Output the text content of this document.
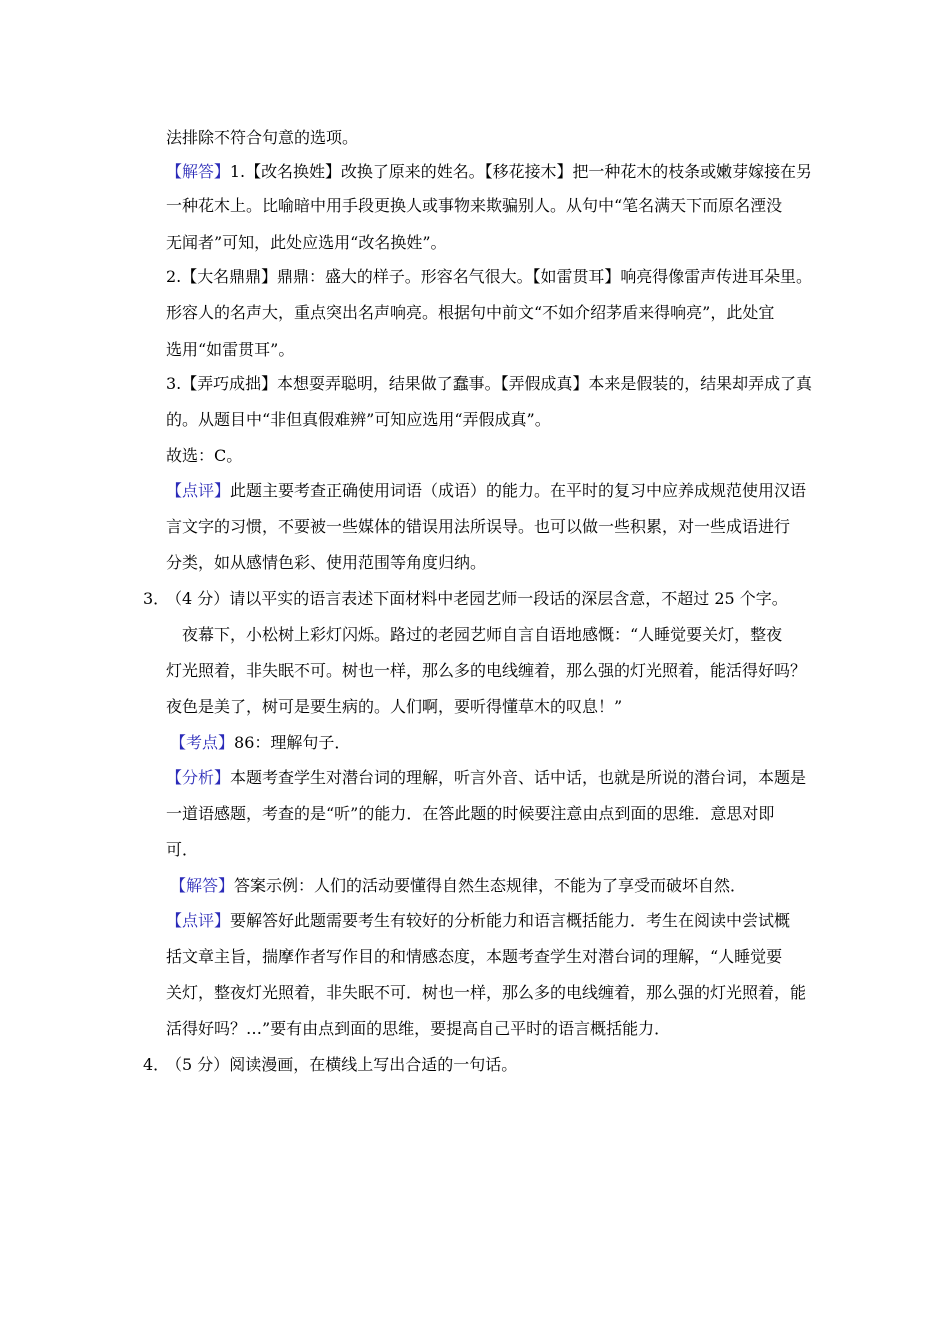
法排除不符合句意的选项。
【解答】1.【改名换姓】改换了原来的姓名。【移花接木】把一种花木的枝条或嫩芽嫁接在另
一种花木上。比喻暗中用手段更换人或事物来欺骗别人。从句中“笔名满天下而原名湮没
无闻者”可知，此处应选用“改名换姓”。
2.【大名鼎鼎】鼎鼎：盛大的样子。形容名气很大。【如雷贯耳】响亮得像雷声传进耳朵里。
形容人的名声大，重点突出名声响亮。根据句中前文“不如介绍茅盾来得响亮”，此处宜
选用“如雷贯耳”。
3.【弄巧成拙】本想耍弄聪明，结果做了蠢事。【弄假成真】本来是假装的，结果却弄成了真
的。从题目中“非但真假难辨”可知应选用“弄假成真”。
故选：C。
【点评】此题主要考查正确使用词语（成语）的能力。在平时的复习中应养成规范使用汉语
言文字的习惯，不要被一些媒体的错误用法所误导。也可以做一些积累，对一些成语进行
分类，如从感情色彩、使用范围等角度归纳。
3．
（4 分）请以平实的语言表述下面材料中老园艺师一段话的深层含意，不超过 25 个字。
夜幕下，小松树上彩灯闪烁。路过的老园艺师自言自语地感慨：“人睡觉要关灯，整夜
灯光照着，非失眠不可。树也一样，那么多的电线缠着，那么强的灯光照着，能活得好吗？
夜色是美了，树可是要生病的。人们啊，要听得懂草木的叹息！”
【考点】86：理解句子．
【分析】本题考查学生对潜台词的理解，听言外音、话中话，也就是所说的潜台词，本题是
一道语感题，考查的是“听”的能力．在答此题的时候要注意由点到面的思维．意思对即
可．
【解答】答案示例：人们的活动要懂得自然生态规律，不能为了享受而破坏自然．
【点评】要解答好此题需要考生有较好的分析能力和语言概括能力．考生在阅读中尝试概
括文章主旨，揣摩作者写作目的和情感态度，本题考查学生对潜台词的理解，“人睡觉要
关灯，整夜灯光照着，非失眠不可．树也一样，那么多的电线缠着，那么强的灯光照着，能
活得好吗？…”要有由点到面的思维，要提高自己平时的语言概括能力．
4．
（5 分）阅读漫画，在横线上写出合适的一句话。
